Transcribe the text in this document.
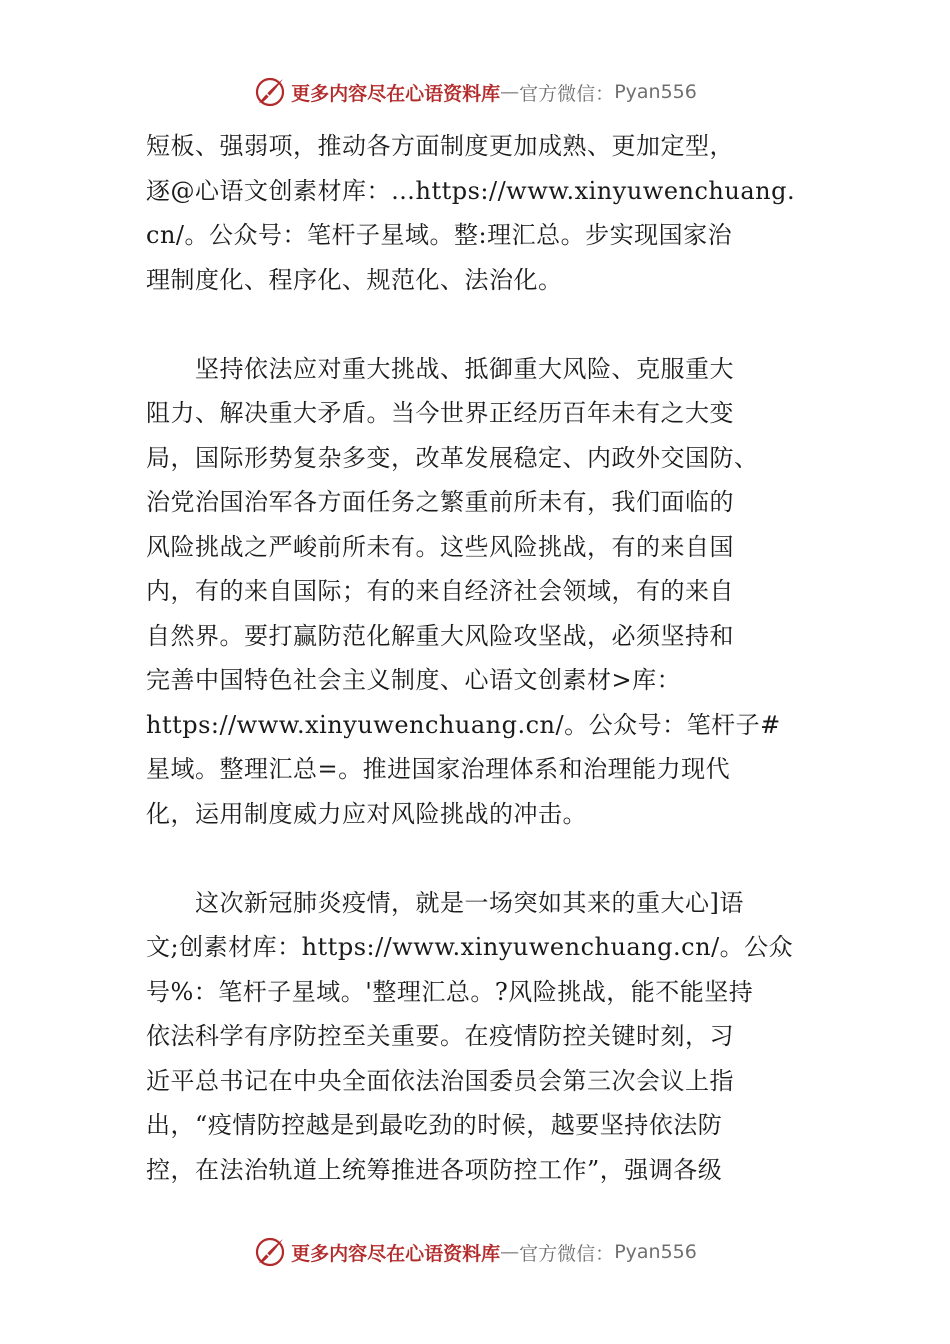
更多内容尽在心语资料库 — 官方微信： Pyan556
短板、强弱项，推动各方面制度更加成熟、更加定型，
逐@心语文创素材库：…https://www.xinyuwenchuang.
cn/。公众号：笔杆子星域。整:理汇总。步实现国家治
理制度化、程序化、规范化、法治化。
　　坚持依法应对重大挑战、抵御重大风险、克服重大
阻力、解决重大矛盾。当今世界正经历百年未有之大变
局，国际形势复杂多变，改革发展稳定、内政外交国防、
治党治国治军各方面任务之繁重前所未有，我们面临的
风险挑战之严峻前所未有。这些风险挑战，有的来自国
内，有的来自国际；有的来自经济社会领域，有的来自
自然界。要打赢防范化解重大风险攻坚战，必须坚持和
完善中国特色社会主义制度、心语文创素材>库：
https://www.xinyuwenchuang.cn/。公众号：笔杆子#
星域。整理汇总=。推进国家治理体系和治理能力现代
化，运用制度威力应对风险挑战的冲击。
　　这次新冠肺炎疫情，就是一场突如其来的重大心]语
文;创素材库：https://www.xinyuwenchuang.cn/。公众
号%：笔杆子星域。'整理汇总。?风险挑战，能不能坚持
依法科学有序防控至关重要。在疫情防控关键时刻，习
近平总书记在中央全面依法治国委员会第三次会议上指
出，“疫情防控越是到最吃劲的时候，越要坚持依法防
控，在法治轨道上统筹推进各项防控工作”，强调各级
更多内容尽在心语资料库 — 官方微信： Pyan556
